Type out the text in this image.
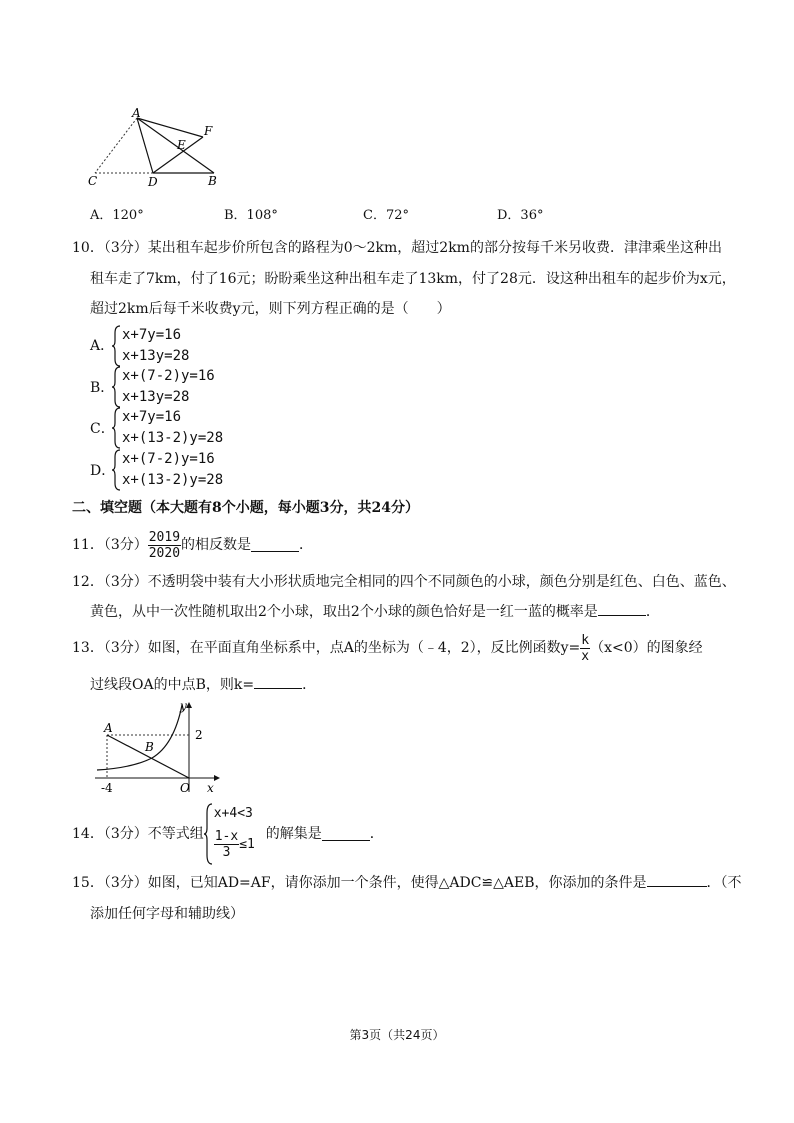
A
F
E
C	D	B
A．120°	B．108°	C．72°	D．36°
10．（3分）某出租车起步价所包含的路程为0～2km，超过2km的部分按每千米另收费．津津乘坐这种出
租车走了7km，付了16元；盼盼乘坐这种出租车走了13km，付了28元．设这种出租车的起步价为x元，
超过2km后每千米收费y元，则下列方程正确的是（　　）
A．
x+7y=16
x+13y=28
B．
x+(7-2)y=16
x+13y=28
C．
x+7y=16
x+(13-2)y=28
D．
x+(7-2)y=16
x+(13-2)y=28
二、填空题（本大题有8个小题，每小题3分，共24分）
11．（3分） $\frac{2019}{2020}$ 的相反数是	．
12．（3分）不透明袋中装有大小形状质地完全相同的四个不同颜色的小球，颜色分别是红色、白色、蓝色、
黄色，从中一次性随机取出2个小球，取出2个小球的颜色恰好是一红一蓝的概率是	．
13．（3分）如图，在平面直角坐标系中，点A的坐标为（﹣4，2），反比例函数$y= \frac{k}{x} (x<0)$的图象经
过线段OA的中点B，则k=	．
y
A
B
2
-4	O x
14．（3分）不等式组
x+4<3
$\frac{1-x}{3} \le 1$
的解集是	．
15．（3分）如图，已知AD=AF，请你添加一个条件，使得△ADC≌△AEB，你添加的条件是	．（不
添加任何字母和辅助线）
第3页（共24页）
